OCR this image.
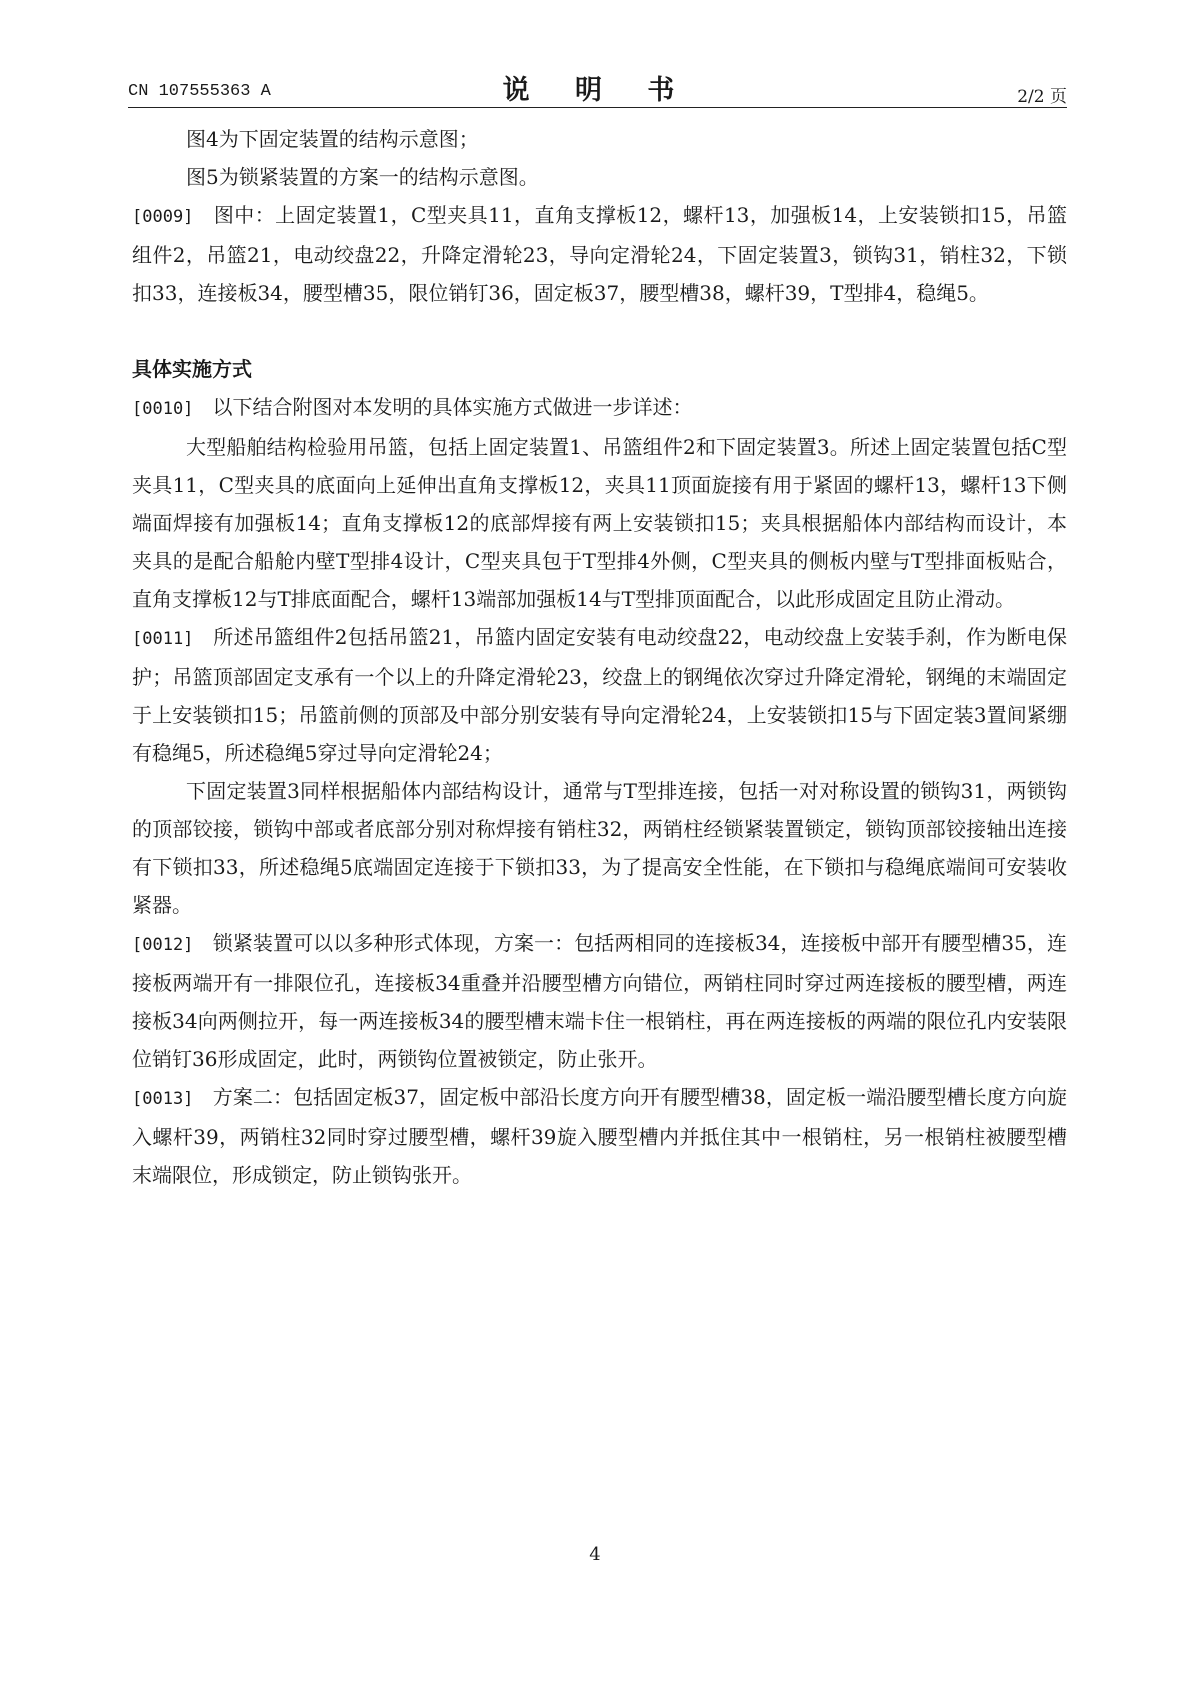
CN 107555363 A	说 明 书	2/2 页

图4为下固定装置的结构示意图；

图5为锁紧装置的方案一的结构示意图。

[0009] 图中：上固定装置1，C型夹具11，直角支撑板12，螺杆13，加强板14，上安装锁扣15，吊篮组件2，吊篮21，电动绞盘22，升降定滑轮23，导向定滑轮24，下固定装置3，锁钩31，销柱32，下锁扣33，连接板34，腰型槽35，限位销钉36，固定板37，腰型槽38，螺杆39，T型排4，稳绳5。

具体实施方式

[0010] 以下结合附图对本发明的具体实施方式做进一步详述：

大型船舶结构检验用吊篮，包括上固定装置1、吊篮组件2和下固定装置3。所述上固定装置包括C型夹具11，C型夹具的底面向上延伸出直角支撑板12，夹具11顶面旋接有用于紧固的螺杆13，螺杆13下侧端面焊接有加强板14；直角支撑板12的底部焊接有两上安装锁扣15；夹具根据船体内部结构而设计，本夹具的是配合船舱内壁T型排4设计，C型夹具包于T型排4外侧，C型夹具的侧板内壁与T型排面板贴合，直角支撑板12与T排底面配合，螺杆13端部加强板14与T型排顶面配合，以此形成固定且防止滑动。

[0011] 所述吊篮组件2包括吊篮21，吊篮内固定安装有电动绞盘22，电动绞盘上安装手刹，作为断电保护；吊篮顶部固定支承有一个以上的升降定滑轮23，绞盘上的钢绳依次穿过升降定滑轮，钢绳的末端固定于上安装锁扣15；吊篮前侧的顶部及中部分别安装有导向定滑轮24，上安装锁扣15与下固定装3置间紧绷有稳绳5，所述稳绳5穿过导向定滑轮24；

下固定装置3同样根据船体内部结构设计，通常与T型排连接，包括一对对称设置的锁钩31，两锁钩的顶部铰接，锁钩中部或者底部分别对称焊接有销柱32，两销柱经锁紧装置锁定，锁钩顶部铰接轴出连接有下锁扣33，所述稳绳5底端固定连接于下锁扣33，为了提高安全性能，在下锁扣与稳绳底端间可安装收紧器。

[0012] 锁紧装置可以以多种形式体现，方案一：包括两相同的连接板34，连接板中部开有腰型槽35，连接板两端开有一排限位孔，连接板34重叠并沿腰型槽方向错位，两销柱同时穿过两连接板的腰型槽，两连接板34向两侧拉开，每一两连接板34的腰型槽末端卡住一根销柱，再在两连接板的两端的限位孔内安装限位销钉36形成固定，此时，两锁钩位置被锁定，防止张开。

[0013] 方案二：包括固定板37，固定板中部沿长度方向开有腰型槽38，固定板一端沿腰型槽长度方向旋入螺杆39，两销柱32同时穿过腰型槽，螺杆39旋入腰型槽内并抵住其中一根销柱，另一根销柱被腰型槽末端限位，形成锁定，防止锁钩张开。

4
